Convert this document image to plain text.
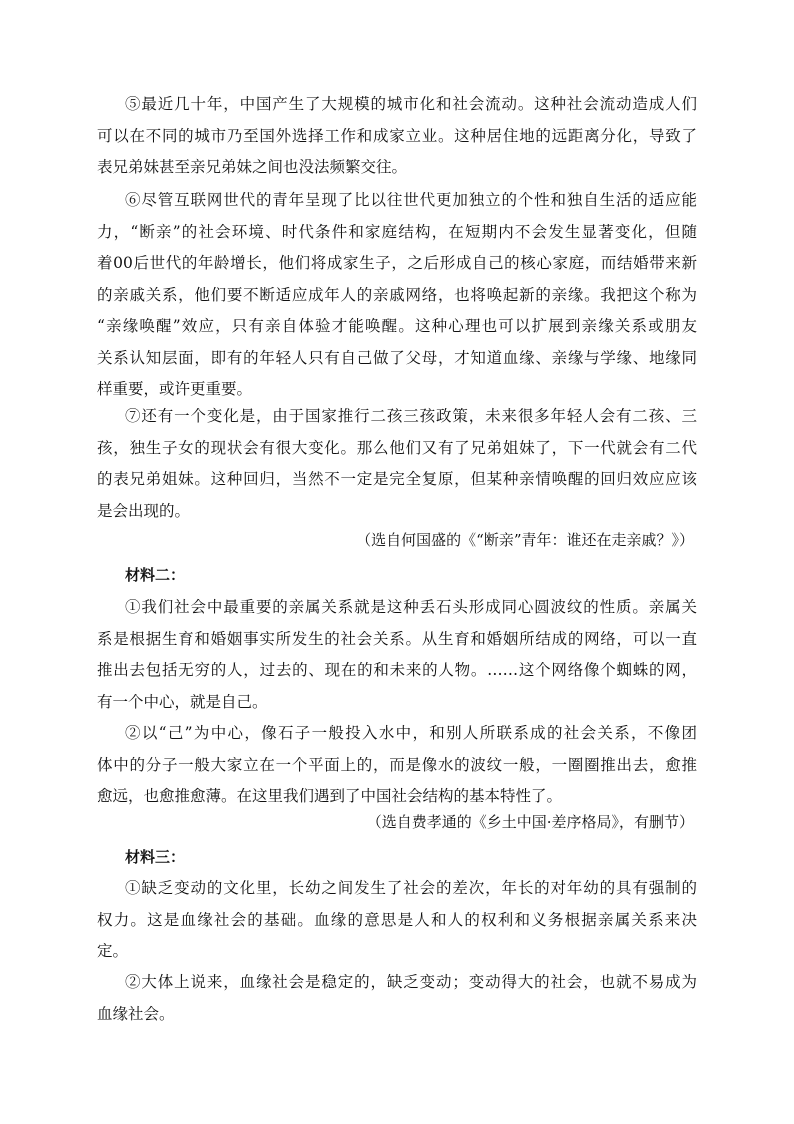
⑤最近几十年，中国产生了大规模的城市化和社会流动。这种社会流动造成人们
可以在不同的城市乃至国外选择工作和成家立业。这种居住地的远距离分化，导致了
表兄弟妹甚至亲兄弟妹之间也没法频繁交往。
⑥尽管互联网世代的青年呈现了比以往世代更加独立的个性和独自生活的适应能
力，“断亲”的社会环境、时代条件和家庭结构，在短期内不会发生显著变化，但随
着00后世代的年龄增长，他们将成家生子，之后形成自己的核心家庭，而结婚带来新
的亲戚关系，他们要不断适应成年人的亲戚网络，也将唤起新的亲缘。我把这个称为
“亲缘唤醒”效应，只有亲自体验才能唤醒。这种心理也可以扩展到亲缘关系或朋友
关系认知层面，即有的年轻人只有自己做了父母，才知道血缘、亲缘与学缘、地缘同
样重要，或许更重要。
⑦还有一个变化是，由于国家推行二孩三孩政策，未来很多年轻人会有二孩、三
孩，独生子女的现状会有很大变化。那么他们又有了兄弟姐妹了，下一代就会有二代
的表兄弟姐妹。这种回归，当然不一定是完全复原，但某种亲情唤醒的回归效应应该
是会出现的。
（选自何国盛的《“断亲”青年：谁还在走亲戚？》）
材料二：
①我们社会中最重要的亲属关系就是这种丢石头形成同心圆波纹的性质。亲属关
系是根据生育和婚姻事实所发生的社会关系。从生育和婚姻所结成的网络，可以一直
推出去包括无穷的人，过去的、现在的和未来的人物。……这个网络像个蜘蛛的网，
有一个中心，就是自己。
②以“己”为中心，像石子一般投入水中，和别人所联系成的社会关系，不像团
体中的分子一般大家立在一个平面上的，而是像水的波纹一般，一圈圈推出去，愈推
愈远，也愈推愈薄。在这里我们遇到了中国社会结构的基本特性了。
（选自费孝通的《乡土中国·差序格局》，有删节）
材料三：
①缺乏变动的文化里，长幼之间发生了社会的差次，年长的对年幼的具有强制的
权力。这是血缘社会的基础。血缘的意思是人和人的权利和义务根据亲属关系来决
定。
②大体上说来，血缘社会是稳定的，缺乏变动；变动得大的社会，也就不易成为
血缘社会。
